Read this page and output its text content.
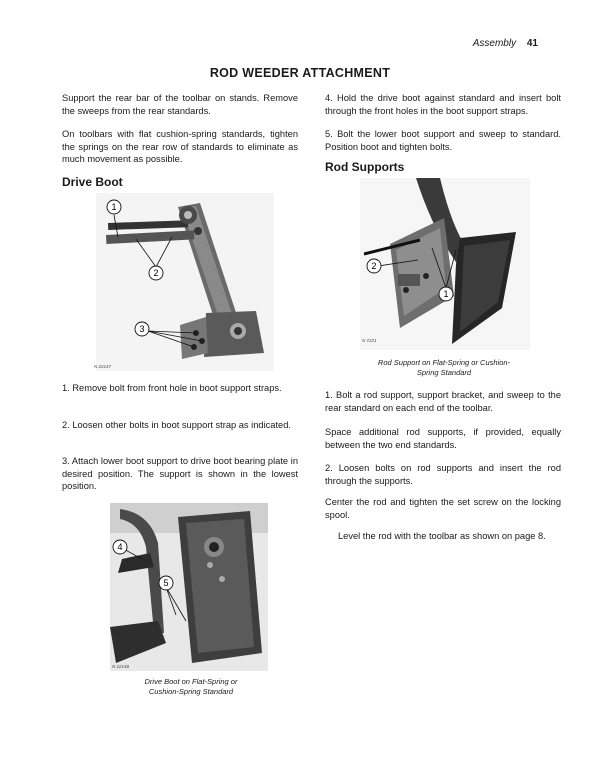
Assembly 41
ROD WEEDER ATTACHMENT

Support the rear bar of the toolbar on stands. Remove the sweeps from the rear standards.

On toolbars with flat cushion-spring standards, tighten the springs on the rear row of standards to eliminate as much movement as possible.

Drive Boot
1
2
3
N 22147

1. Remove bolt from front hole in boot support straps.

2. Loosen other bolts in boot support strap as indicated.

3. Attach lower boot support to drive boot bearing plate in desired position. The support is shown in the lowest position.

4
5
N 22148
Drive Boot on Flat-Spring or
Cushion-Spring Standard

4. Hold the drive boot against standard and insert bolt through the front holes in the boot support straps.

5. Bolt the lower boot support and sweep to standard. Position boot and tighten bolts.

Rod Supports
2
1
N 7221
Rod Support on Flat-Spring or Cushion-
Spring Standard

1. Bolt a rod support, support bracket, and sweep to the rear standard on each end of the toolbar.

Space additional rod supports, if provided, equally between the two end standards.

2. Loosen bolts on rod supports and insert the rod through the supports.

Center the rod and tighten the set screw on the locking spool.

Level the rod with the toolbar as shown on page 8.
